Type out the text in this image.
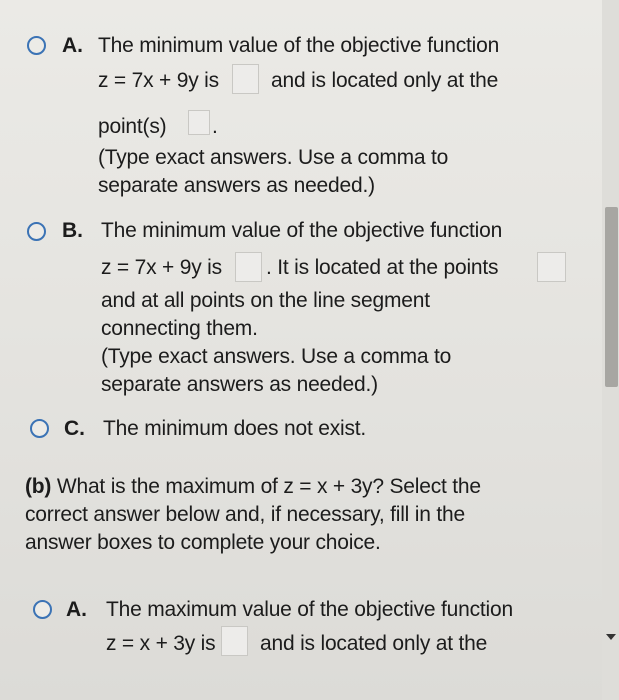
A. The minimum value of the objective function
z = 7x + 9y is and is located only at the
point(s) .
(Type exact answers. Use a comma to
separate answers as needed.)
B. The minimum value of the objective function
z = 7x + 9y is . It is located at the points
and at all points on the line segment
connecting them.
(Type exact answers. Use a comma to
separate answers as needed.)
C. The minimum does not exist.
(b) What is the maximum of z = x + 3y? Select the
correct answer below and, if necessary, fill in the
answer boxes to complete your choice.
A. The maximum value of the objective function
z = x + 3y is and is located only at the
